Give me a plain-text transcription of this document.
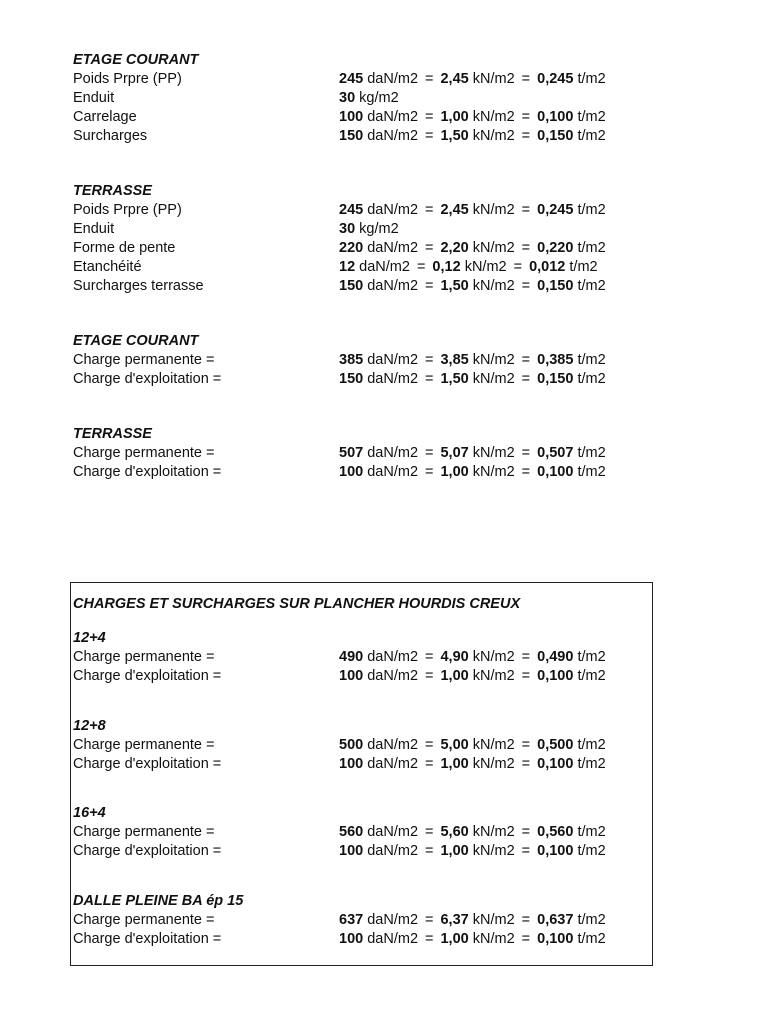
ETAGE COURANT
Poids Prpre (PP)	245 daN/m2 = 2,45 kN/m2 = 0,245 t/m2
Enduit	30 kg/m2
Carrelage	100 daN/m2 = 1,00 kN/m2 = 0,100 t/m2
Surcharges	150 daN/m2 = 1,50 kN/m2 = 0,150 t/m2
TERRASSE
Poids Prpre (PP)	245 daN/m2 = 2,45 kN/m2 = 0,245 t/m2
Enduit	30 kg/m2
Forme de pente	220 daN/m2 = 2,20 kN/m2 = 0,220 t/m2
Etanchéité	12 daN/m2 = 0,12 kN/m2 = 0,012 t/m2
Surcharges terrasse	150 daN/m2 = 1,50 kN/m2 = 0,150 t/m2
ETAGE COURANT
Charge permanente =	385 daN/m2 = 3,85 kN/m2 = 0,385 t/m2
Charge d'exploitation =	150 daN/m2 = 1,50 kN/m2 = 0,150 t/m2
TERRASSE
Charge permanente =	507 daN/m2 = 5,07 kN/m2 = 0,507 t/m2
Charge d'exploitation =	100 daN/m2 = 1,00 kN/m2 = 0,100 t/m2
CHARGES ET SURCHARGES SUR PLANCHER HOURDIS CREUX
12+4
Charge permanente =	490 daN/m2 = 4,90 kN/m2 = 0,490 t/m2
Charge d'exploitation =	100 daN/m2 = 1,00 kN/m2 = 0,100 t/m2
12+8
Charge permanente =	500 daN/m2 = 5,00 kN/m2 = 0,500 t/m2
Charge d'exploitation =	100 daN/m2 = 1,00 kN/m2 = 0,100 t/m2
16+4
Charge permanente =	560 daN/m2 = 5,60 kN/m2 = 0,560 t/m2
Charge d'exploitation =	100 daN/m2 = 1,00 kN/m2 = 0,100 t/m2
DALLE PLEINE BA ép 15
Charge permanente =	637 daN/m2 = 6,37 kN/m2 = 0,637 t/m2
Charge d'exploitation =	100 daN/m2 = 1,00 kN/m2 = 0,100 t/m2
